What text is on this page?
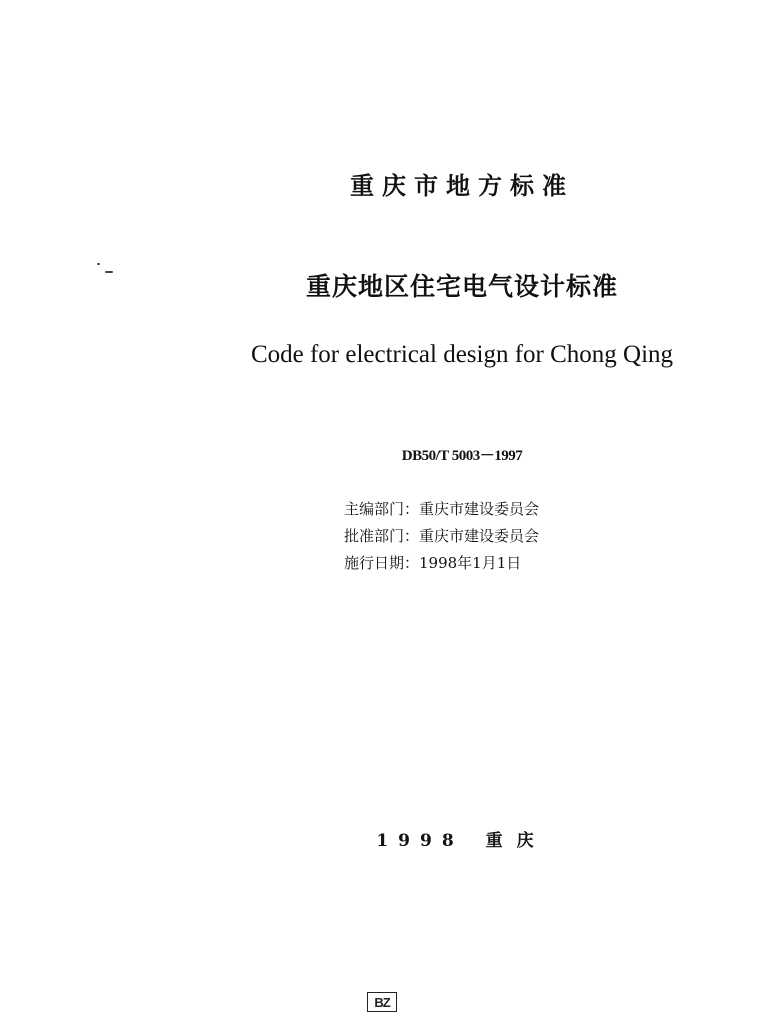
重庆市地方标准
重庆地区住宅电气设计标准
Code for electrical design for Chong Qing
DB50/T 5003－1997
主编部门：重庆市建设委员会
批准部门：重庆市建设委员会
施行日期：1998年1月1日
1998 重庆
BZ
